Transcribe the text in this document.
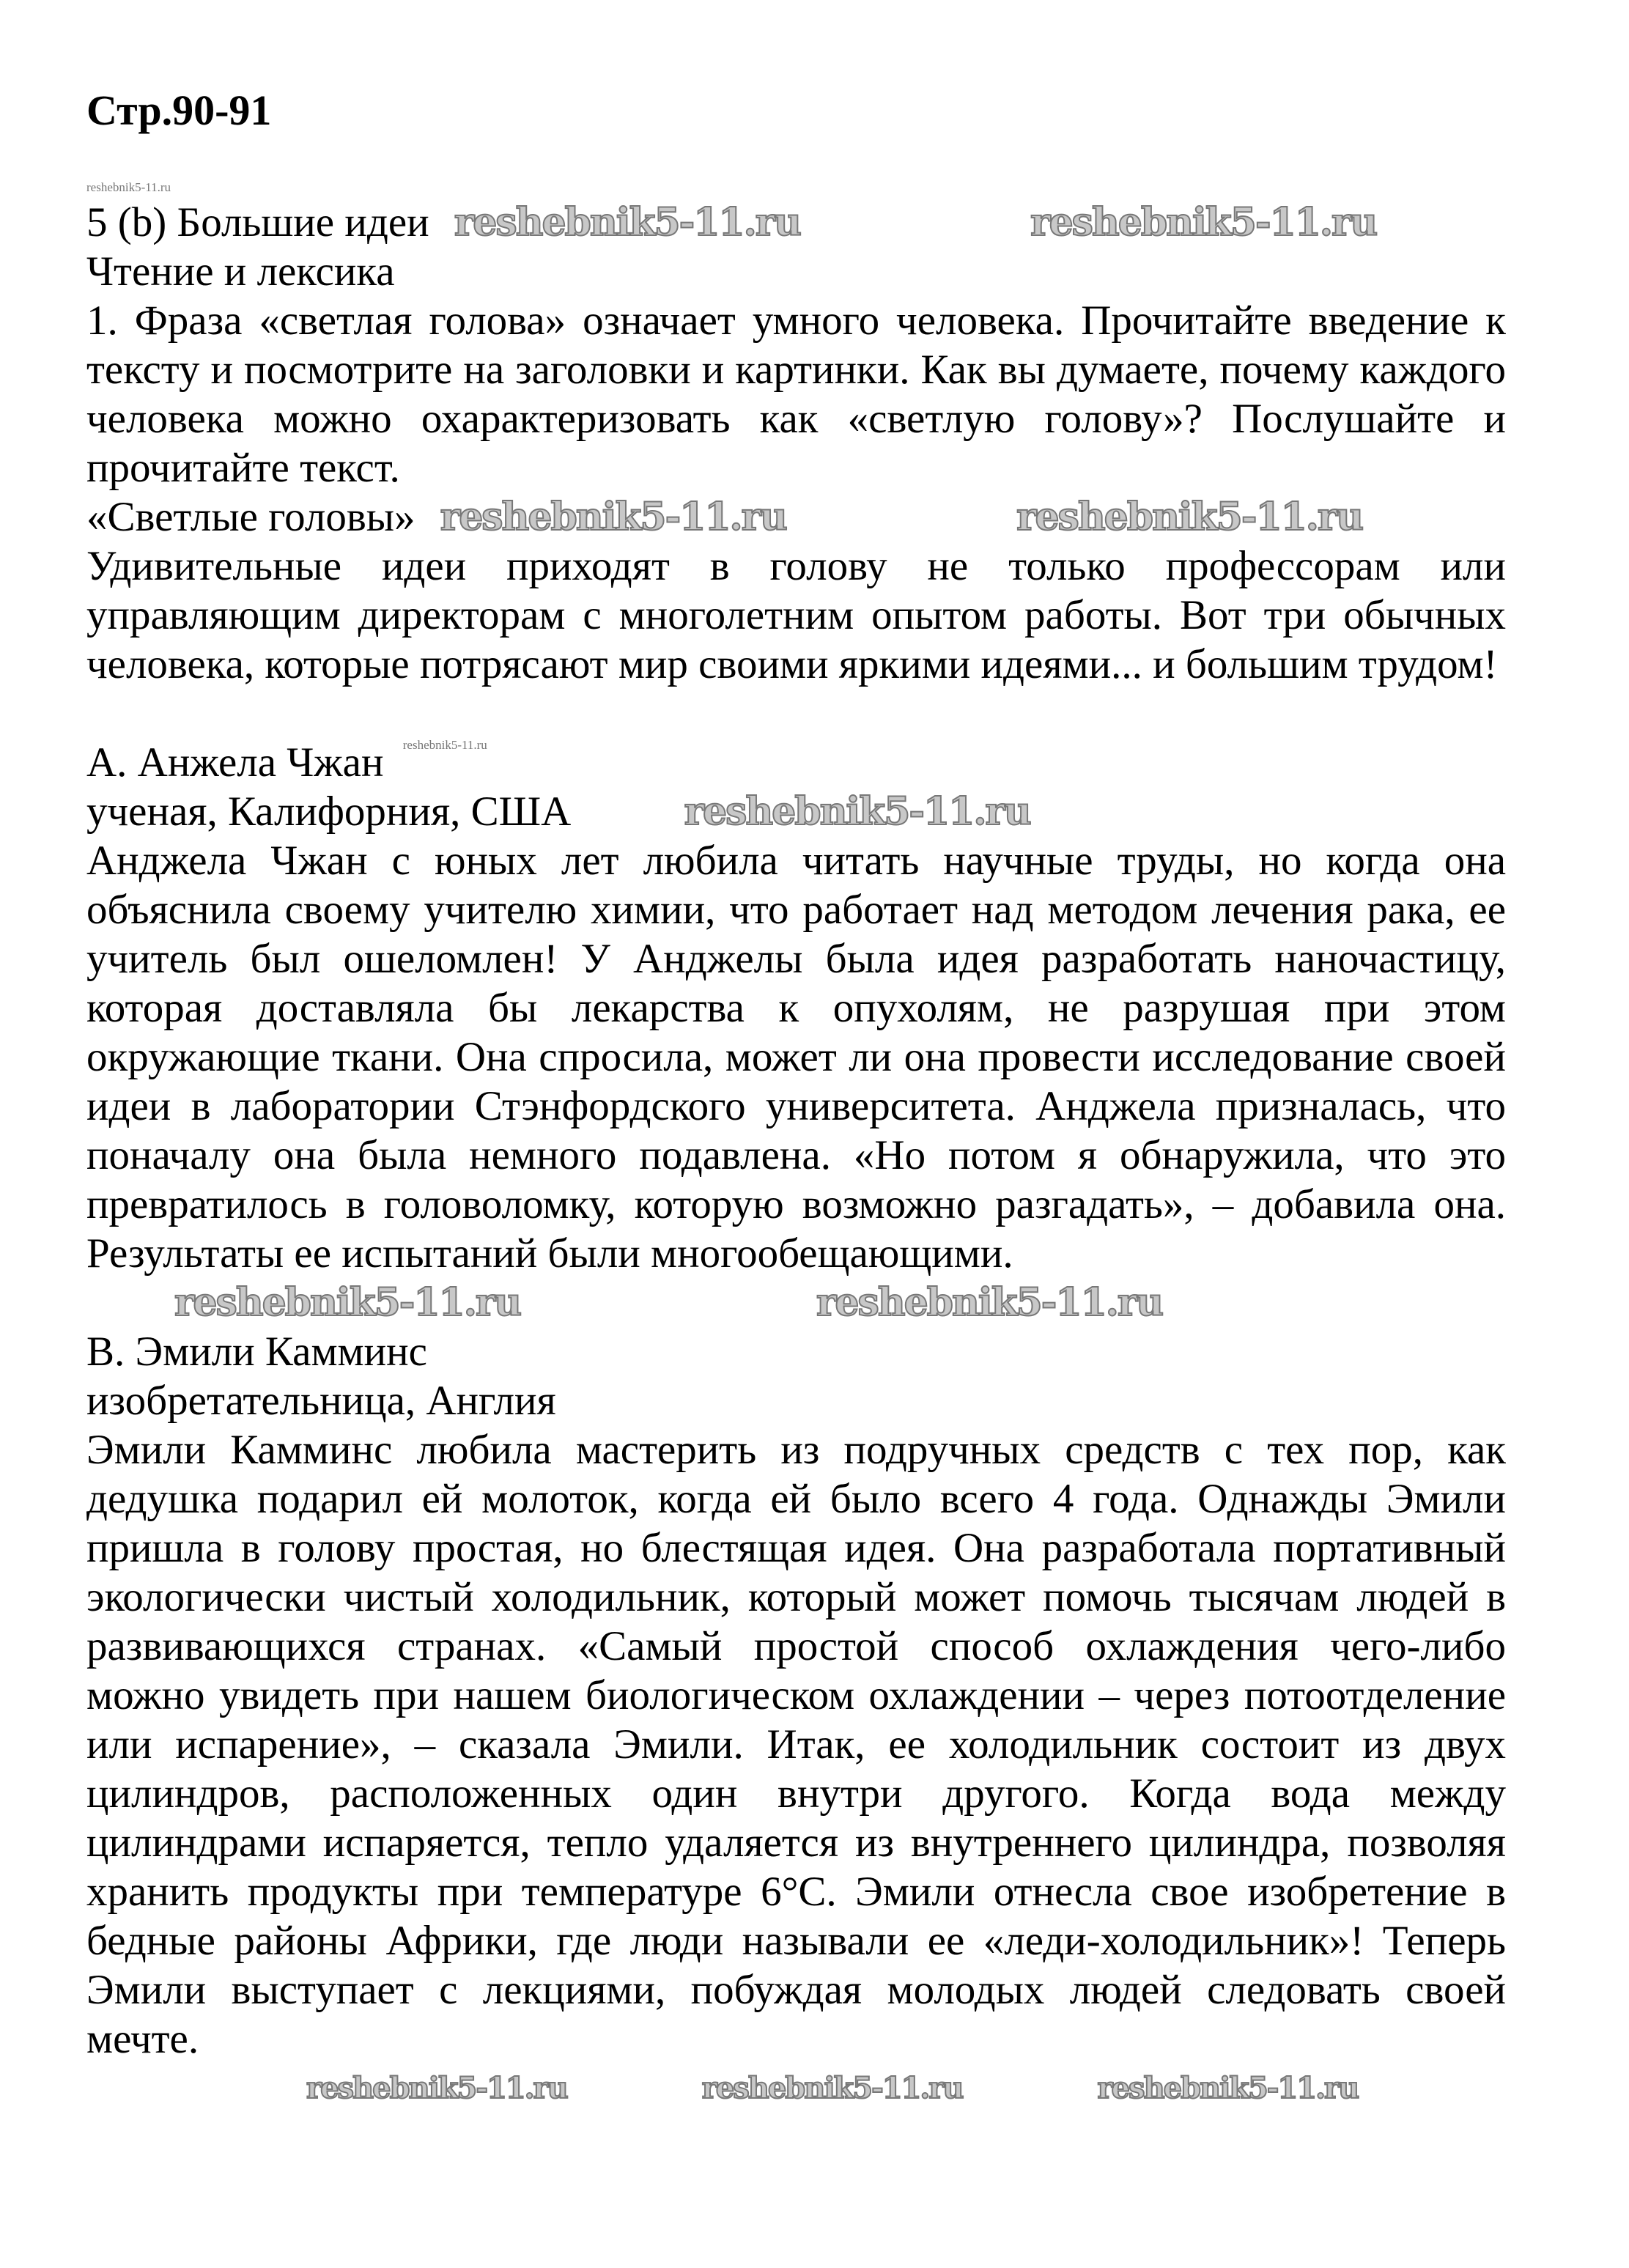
Стр.90-91
reshebnik5-11.ru
5 (b) Большие идеи reshebnik5-11.ru	reshebnik5-11.ru
Чтение и лексика
1. Фраза «светлая голова» означает умного человека. Прочитайте введение к тексту и посмотрите на заголовки и картинки. Как вы думаете, почему каждого человека можно охарактеризовать как «светлую голову»? Послушайте и прочитайте текст.
«Светлые головы» reshebnik5-11.ru	reshebnik5-11.ru
Удивительные идеи приходят в голову не только профессорам или управляющим директорам с многолетним опытом работы. Вот три обычных человека, которые потрясают мир своими яркими идеями... и большим трудом!
A. Анжела Чжан reshebnik5-11.ru
ученая, Калифорния, США	reshebnik5-11.ru
Анджела Чжан с юных лет любила читать научные труды, но когда она объяснила своему учителю химии, что работает над методом лечения рака, ее учитель был ошеломлен! У Анджелы была идея разработать наночастицу, которая доставляла бы лекарства к опухолям, не разрушая при этом окружающие ткани. Она спросила, может ли она провести исследование своей идеи в лаборатории Стэнфордского университета. Анджела призналась, что поначалу она была немного подавлена. «Но потом я обнаружила, что это превратилось в головоломку, которую возможно разгадать», – добавила она. Результаты ее испытаний были многообещающими.
reshebnik5-11.ru	reshebnik5-11.ru
B. Эмили Камминс
изобретательница, Англия
Эмили Камминс любила мастерить из подручных средств с тех пор, как дедушка подарил ей молоток, когда ей было всего 4 года. Однажды Эмили пришла в голову простая, но блестящая идея. Она разработала портативный экологически чистый холодильник, который может помочь тысячам людей в развивающихся странах. «Самый простой способ охлаждения чего-либо можно увидеть при нашем биологическом охлаждении – через потоотделение или испарение», – сказала Эмили. Итак, ее холодильник состоит из двух цилиндров, расположенных один внутри другого. Когда вода между цилиндрами испаряется, тепло удаляется из внутреннего цилиндра, позволяя хранить продукты при температуре 6°C. Эмили отнесла свое изобретение в бедные районы Африки, где люди называли ее «леди-холодильник»! Теперь Эмили выступает с лекциями, побуждая молодых людей следовать своей мечте.
reshebnik5-11.ru	reshebnik5-11.ru	reshebnik5-11.ru
